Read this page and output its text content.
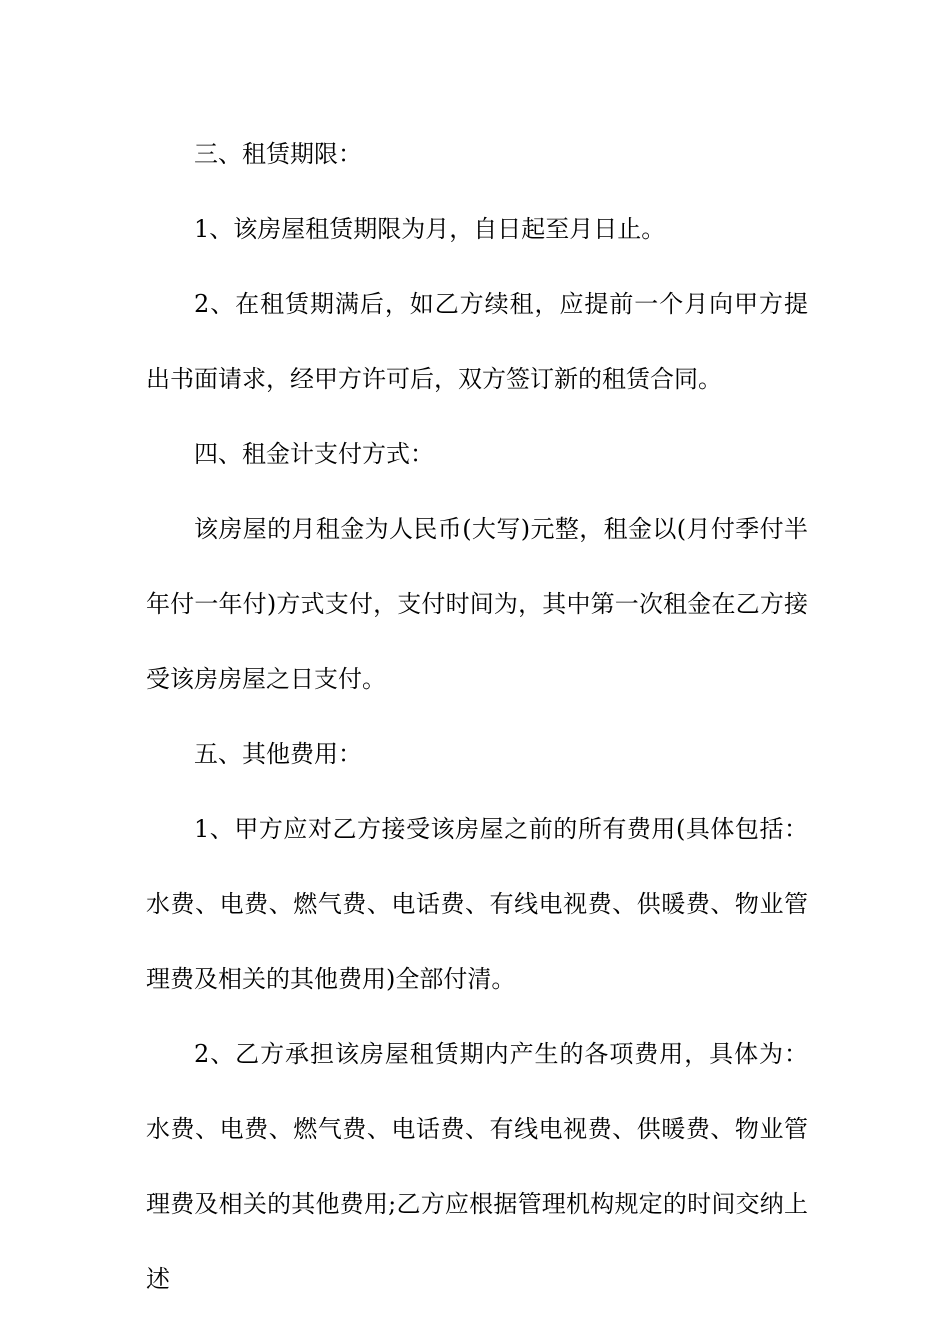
三、租赁期限：

1、该房屋租赁期限为月，自日起至月日止。

2、在租赁期满后，如乙方续租，应提前一个月向甲方提出书面请求，经甲方许可后，双方签订新的租赁合同。

四、租金计支付方式：

该房屋的月租金为人民币(大写)元整，租金以(月付季付半年付一年付)方式支付，支付时间为，其中第一次租金在乙方接受该房房屋之日支付。

五、其他费用：

1、甲方应对乙方接受该房屋之前的所有费用(具体包括：水费、电费、燃气费、电话费、有线电视费、供暖费、物业管理费及相关的其他费用)全部付清。

2、乙方承担该房屋租赁期内产生的各项费用，具体为：水费、电费、燃气费、电话费、有线电视费、供暖费、物业管理费及相关的其他费用;乙方应根据管理机构规定的时间交纳上述
